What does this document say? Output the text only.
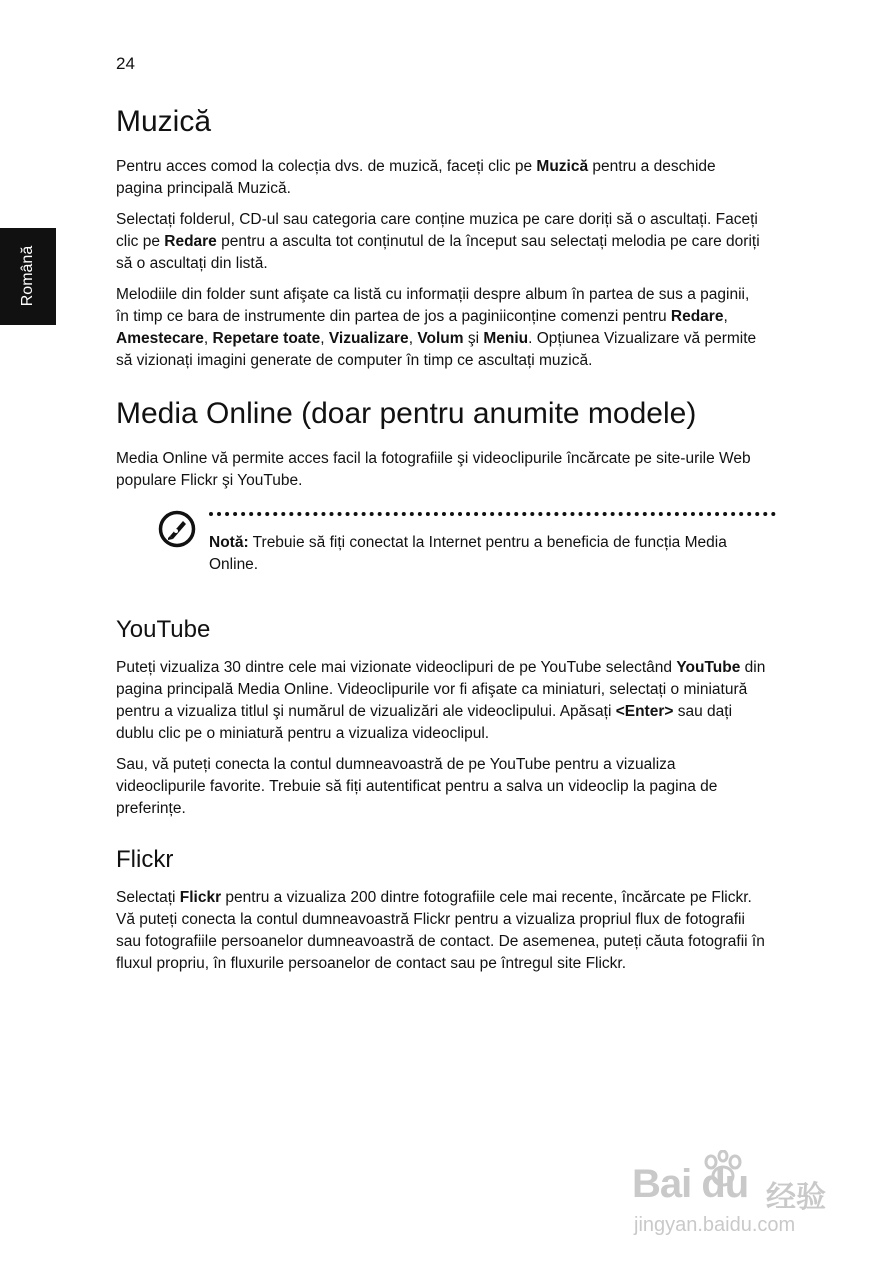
24
Română
Muzică

Pentru acces comod la colecția dvs. de muzică, faceți clic pe Muzică pentru a deschide pagina principală Muzică.

Selectați folderul, CD-ul sau categoria care conține muzica pe care doriți să o ascultați. Faceți clic pe Redare pentru a asculta tot conținutul de la început sau selectați melodia pe care doriți să o ascultați din listă.

Melodiile din folder sunt afişate ca listă cu informații despre album în partea de sus a paginii, în timp ce bara de instrumente din partea de jos a paginiiconține comenzi pentru Redare, Amestecare, Repetare toate, Vizualizare, Volum şi Meniu. Opțiunea Vizualizare vă permite să vizionați imagini generate de computer în timp ce ascultați muzică.

Media Online (doar pentru anumite modele)

Media Online vă permite acces facil la fotografiile şi videoclipurile încărcate pe site-urile Web populare Flickr şi YouTube.

Notă: Trebuie să fiți conectat la Internet pentru a beneficia de funcția Media Online.
YouTube

Puteți vizualiza 30 dintre cele mai vizionate videoclipuri de pe YouTube selectând YouTube din pagina principală Media Online. Videoclipurile vor fi afişate ca miniaturi, selectați o miniatură pentru a vizualiza titlul şi numărul de vizualizări ale videoclipului. Apăsați <Enter> sau dați dublu clic pe o miniatură pentru a vizualiza videoclipul.

Sau, vă puteți conecta la contul dumneavoastră de pe YouTube pentru a vizualiza videoclipurile favorite. Trebuie să fiți autentificat pentru a salva un videoclip la pagina de preferințe.

Flickr

Selectați Flickr pentru a vizualiza 200 dintre fotografiile cele mai recente, încărcate pe Flickr. Vă puteți conecta la contul dumneavoastră Flickr pentru a vizualiza propriul flux de fotografii sau fotografiile persoanelor dumneavoastră de contact. De asemenea, puteți căuta fotografii în fluxul propriu, în fluxurile persoanelor de contact sau pe întregul site Flickr.

Bai du 经验
jingyan.baidu.com
